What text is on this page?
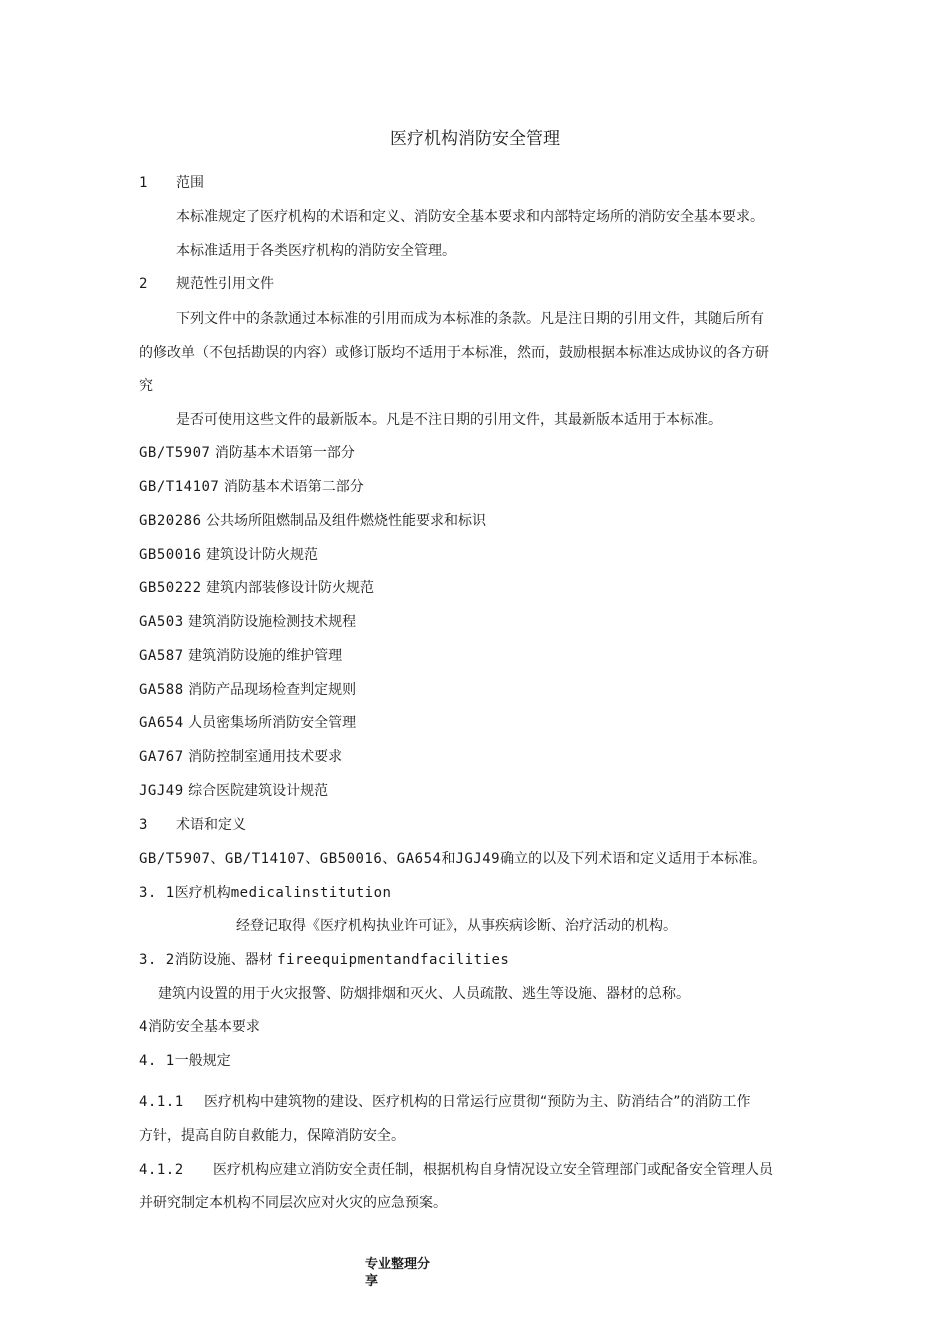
医疗机构消防安全管理
1 范围
本标准规定了医疗机构的术语和定义、消防安全基本要求和内部特定场所的消防安全基本要求。
本标准适用于各类医疗机构的消防安全管理。
2 规范性引用文件
下列文件中的条款通过本标准的引用而成为本标准的条款。凡是注日期的引用文件，其随后所有
的修改单（不包括勘误的内容）或修订版均不适用于本标准，然而，鼓励根据本标准达成协议的各方研
究
是否可使用这些文件的最新版本。凡是不注日期的引用文件，其最新版本适用于本标准。
GB/T5907 消防基本术语第一部分
GB/T14107 消防基本术语第二部分
GB20286 公共场所阻燃制品及组件燃烧性能要求和标识
GB50016 建筑设计防火规范
GB50222 建筑内部装修设计防火规范
GA503 建筑消防设施检测技术规程
GA587 建筑消防设施的维护管理
GA588 消防产品现场检查判定规则
GA654 人员密集场所消防安全管理
GA767 消防控制室通用技术要求
JGJ49 综合医院建筑设计规范
3 术语和定义
GB/T5907、GB/T14107、GB50016、GA654和JGJ49确立的以及下列术语和定义适用于本标准。
3. 1医疗机构medicalinstitution
经登记取得《医疗机构执业许可证》，从事疾病诊断、治疗活动的机构。
3. 2消防设施、器材 fireequipmentandfacilities
建筑内设置的用于火灾报警、防烟排烟和灭火、人员疏散、逃生等设施、器材的总称。
4消防安全基本要求
4. 1一般规定
4.1.1 医疗机构中建筑物的建设、医疗机构的日常运行应贯彻“预防为主、防消结合”的消防工作
方针，提高自防自救能力，保障消防安全。
4.1.2 医疗机构应建立消防安全责任制，根据机构自身情况设立安全管理部门或配备安全管理人员
并研究制定本机构不同层次应对火灾的应急预案。
专业整理分享
